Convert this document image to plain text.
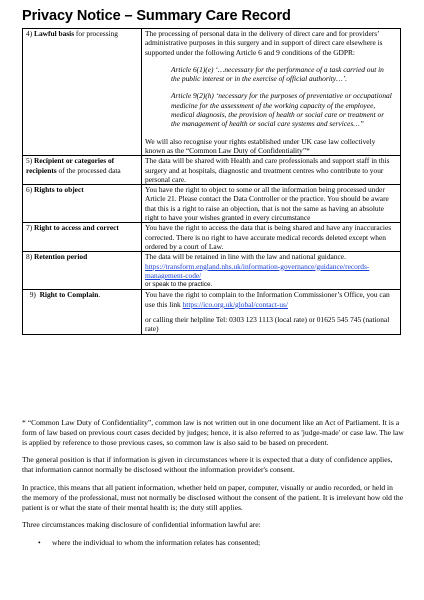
Privacy Notice – Summary Care Record
4) Lawful basis for processing	The processing of personal data in the delivery of direct care and for providers’ administrative purposes in this surgery and in support of direct care elsewhere is supported under the following Article 6 and 9 conditions of the GDPR:
Article 6(1)(e) ‘…necessary for the performance of a task carried out in the public interest or in the exercise of official authority…’.
Article 9(2)(h) ‘necessary for the purposes of preventative or occupational medicine for the assessment of the working capacity of the employee, medical diagnosis, the provision of health or social care or treatment or the management of health or social care systems and services…”
We will also recognise your rights established under UK case law collectively known as the “Common Law Duty of Confidentiality”*

5) Recipient or categories of recipients of the processed data	The data will be shared with Health and care professionals and support staff in this surgery and at hospitals, diagnostic and treatment centres who contribute to your personal care.
6) Rights to object	You have the right to object to some or all the information being processed under Article 21. Please contact the Data Controller or the practice. You should be aware that this is a right to raise an objection, that is not the same as having an absolute right to have your wishes granted in every circumstance
7) Right to access and correct	You have the right to access the data that is being shared and have any inaccuracies corrected. There is no right to have accurate medical records deleted except when ordered by a court of Law.
8) Retention period	The data will be retained in line with the law and national guidance.
https://transform.england.nhs.uk/information-governance/guidance/records-management-code/
or speak to the practice.

9) Right to Complain.	You have the right to complain to the Information Commissioner’s Office, you can use this link https://ico.org.uk/global/contact-us/
or calling their helpline Tel: 0303 123 1113 (local rate) or 01625 545 745 (national rate)

* “Common Law Duty of Confidentiality”, common law is not written out in one document like an Act of Parliament. It is a form of law based on previous court cases decided by judges; hence, it is also referred to as 'judge-made' or case law. The law is applied by reference to those previous cases, so common law is also said to be based on precedent.

The general position is that if information is given in circumstances where it is expected that a duty of confidence applies, that information cannot normally be disclosed without the information provider's consent.

In practice, this means that all patient information, whether held on paper, computer, visually or audio recorded, or held in the memory of the professional, must not normally be disclosed without the consent of the patient. It is irrelevant how old the patient is or what the state of their mental health is; the duty still applies.

Three circumstances making disclosure of confidential information lawful are:

•	where the individual to whom the information relates has consented;
